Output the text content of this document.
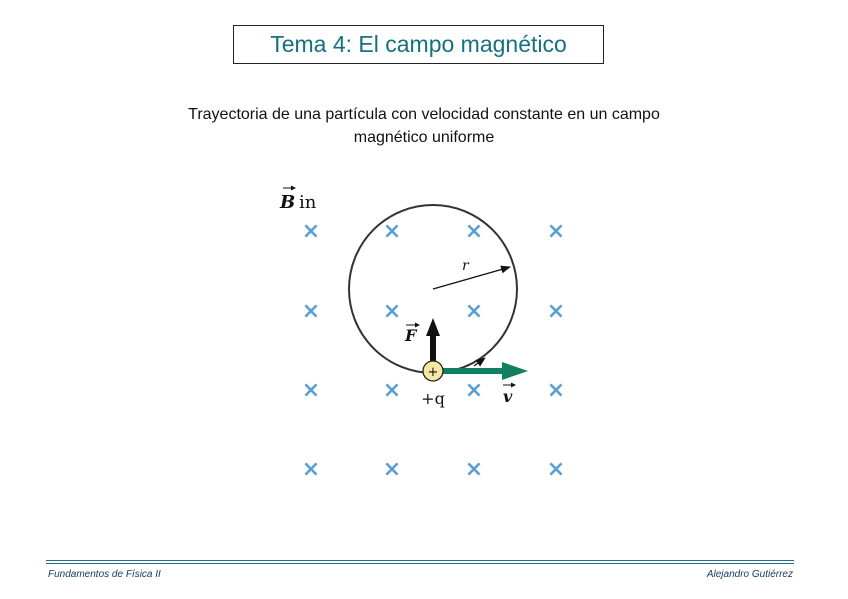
Tema 4: El campo magnético
Trayectoria de una partícula con velocidad constante en un campo
magnético uniforme
B in
×	×	×	×
×	×	×	×
×	×	×	×
×	×	×	×
r
F
v
+
+q
Fundamentos de Física II	Alejandro Gutiérrez
